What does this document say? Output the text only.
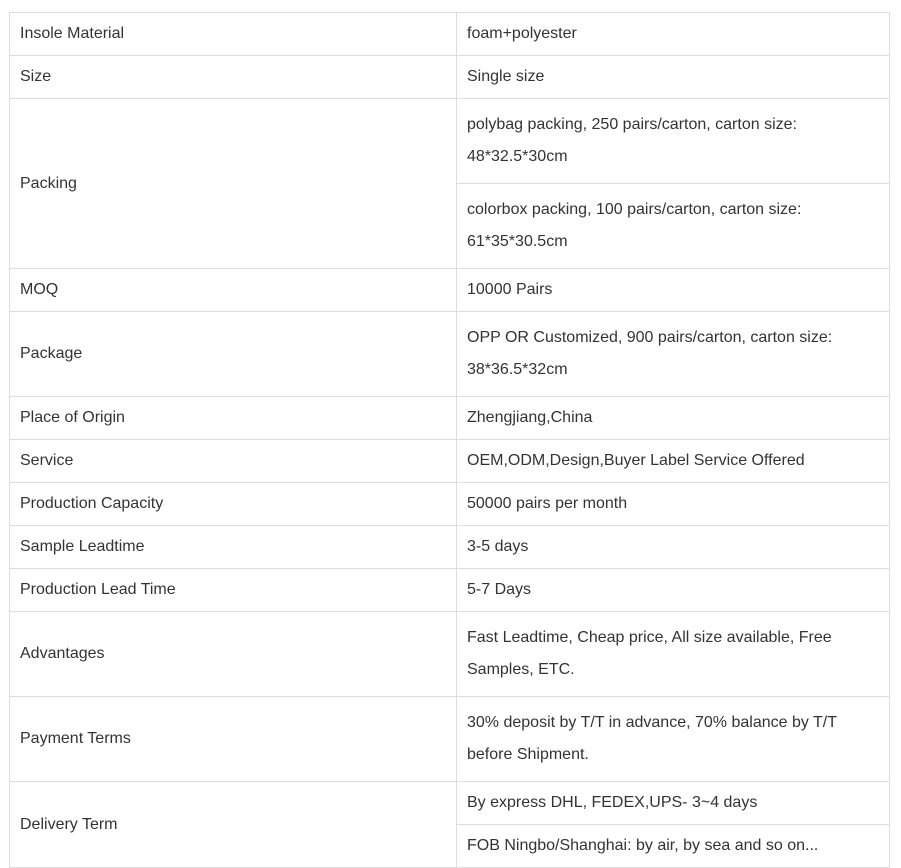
Insole Material	foam+polyester
Size	Single size
Packing	polybag packing, 250 pairs/carton, carton size: 48*32.5*30cm
	colorbox packing, 100 pairs/carton, carton size: 61*35*30.5cm
MOQ	10000 Pairs
Package	OPP OR Customized, 900 pairs/carton, carton size: 38*36.5*32cm
Place of Origin	Zhengjiang,China
Service	OEM,ODM,Design,Buyer Label Service Offered
Production Capacity	50000 pairs per month
Sample Leadtime	3-5 days
Production Lead Time	5-7 Days
Advantages	Fast Leadtime, Cheap price, All size available, Free Samples, ETC.
Payment Terms	30% deposit by T/T in advance, 70% balance by T/T before Shipment.
Delivery Term	By express DHL, FEDEX,UPS- 3~4 days
	FOB Ningbo/Shanghai: by air, by sea and so on...
